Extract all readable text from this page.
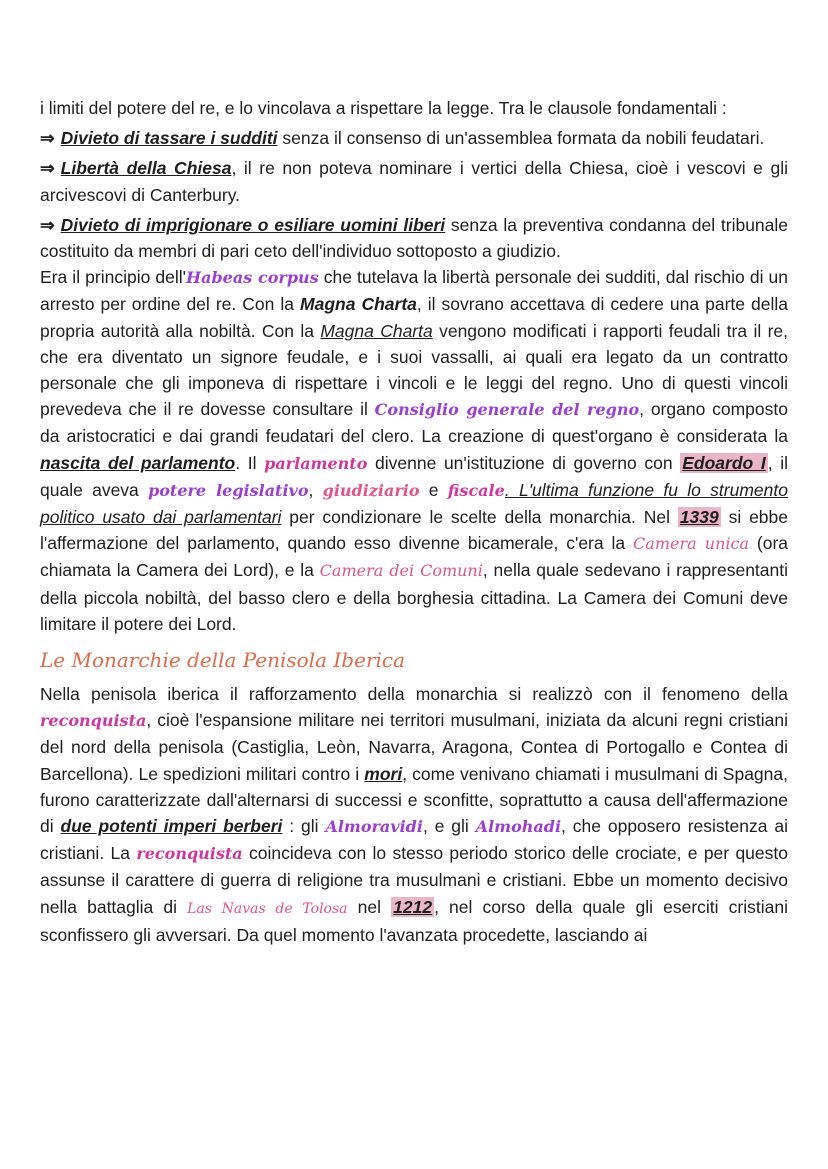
i limiti del potere del re, e lo vincolava a rispettare la legge. Tra le clausole fondamentali :

⇒ Divieto di tassare i sudditi senza il consenso di un'assemblea formata da nobili feudatari.

⇒ Libertà della Chiesa, il re non poteva nominare i vertici della Chiesa, cioè i vescovi e gli arcivescovi di Canterbury.

⇒ Divieto di imprigionare o esiliare uomini liberi senza la preventiva condanna del tribunale costituito da membri di pari ceto dell'individuo sottoposto a giudizio.

Era il principio dell'Habeas corpus che tutelava la libertà personale dei sudditi, dal rischio di un arresto per ordine del re. Con la Magna Charta, il sovrano accettava di cedere una parte della propria autorità alla nobiltà. Con la Magna Charta vengono modificati i rapporti feudali tra il re, che era diventato un signore feudale, e i suoi vassalli, ai quali era legato da un contratto personale che gli imponeva di rispettare i vincoli e le leggi del regno. Uno di questi vincoli prevedeva che il re dovesse consultare il Consiglio generale del regno, organo composto da aristocratici e dai grandi feudatari del clero. La creazione di quest'organo è considerata la nascita del parlamento. Il parlamento divenne un'istituzione di governo con Edoardo I , il quale aveva potere legislativo, giudiziario e fiscale. L'ultima funzione fu lo strumento politico usato dai parlamentari per condizionare le scelte della monarchia. Nel 1339 si ebbe l'affermazione del parlamento, quando esso divenne bicamerale, c'era la Camera unica (ora chiamata la Camera dei Lord), e la Camera dei Comuni, nella quale sedevano i rappresentanti della piccola nobiltà, del basso clero e della borghesia cittadina. La Camera dei Comuni deve limitare il potere dei Lord.

Le Monarchie della Penisola Iberica

Nella penisola iberica il rafforzamento della monarchia si realizzò con il fenomeno della reconquista, cioè l'espansione militare nei territori musulmani, iniziata da alcuni regni cristiani del nord della penisola (Castiglia, Leòn, Navarra, Aragona, Contea di Portogallo e Contea di Barcellona). Le spedizioni militari contro i mori, come venivano chiamati i musulmani di Spagna, furono caratterizzate dall'alternarsi di successi e sconfitte, soprattutto a causa dell'affermazione di due potenti imperi berberi : gli Almoravidi, e gli Almohadi, che opposero resistenza ai cristiani. La reconquista coincideva con lo stesso periodo storico delle crociate, e per questo assunse il carattere di guerra di religione tra musulmani e cristiani. Ebbe un momento decisivo nella battaglia di Las Navas de Tolosa nel 1212 , nel corso della quale gli eserciti cristiani sconfissero gli avversari. Da quel momento l'avanzata procedette, lasciando ai
